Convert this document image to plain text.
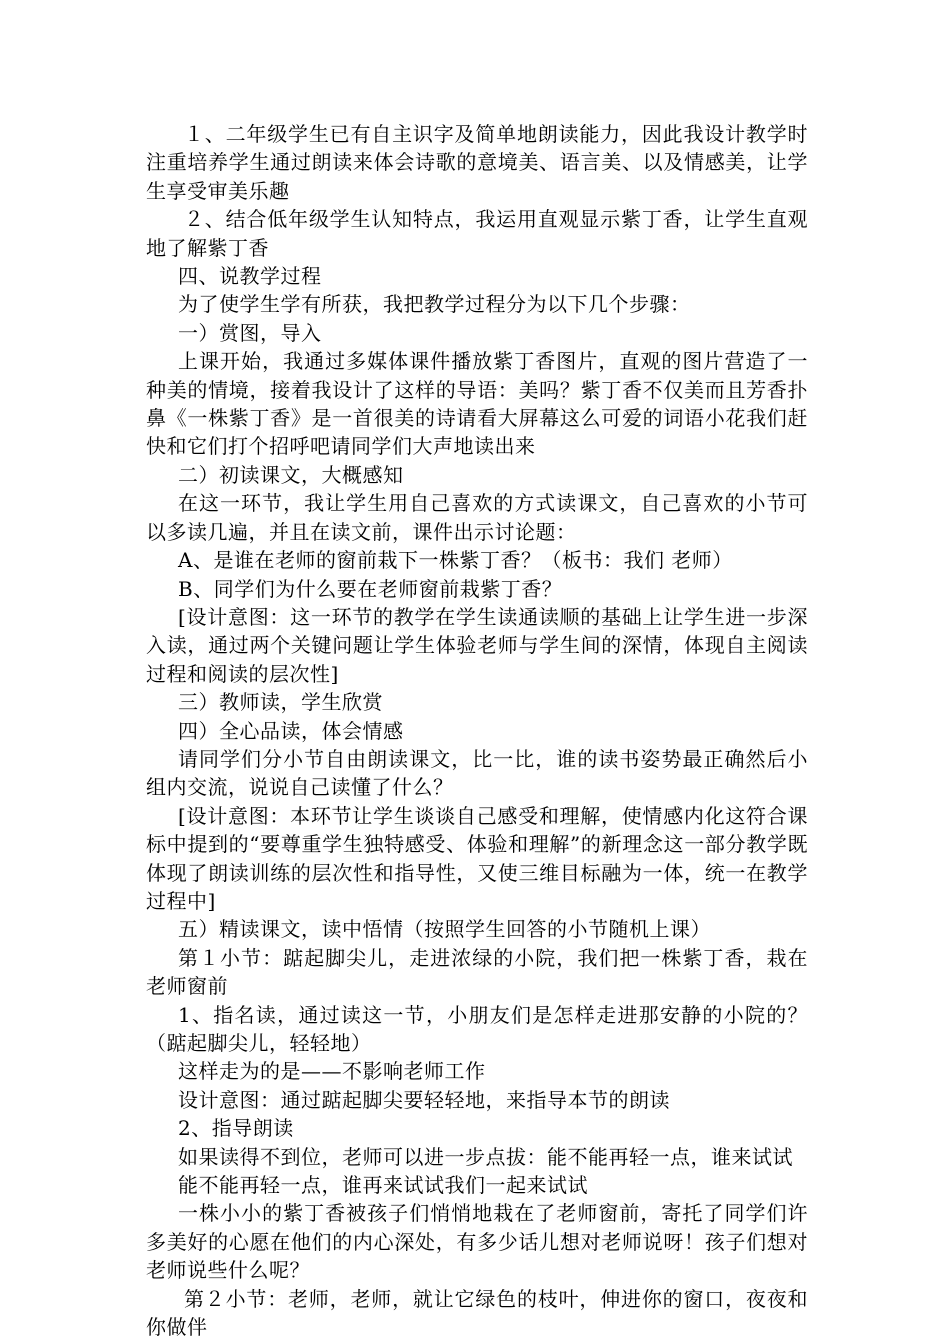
１、二年级学生已有自主识字及简单地朗读能力，因此我设计教学时注重培养学生通过朗读来体会诗歌的意境美、语言美、以及情感美，让学生享受审美乐趣

２、结合低年级学生认知特点，我运用直观显示紫丁香，让学生直观地了解紫丁香

四、说教学过程

为了使学生学有所获，我把教学过程分为以下几个步骤：

一）赏图，导入

上课开始，我通过多媒体课件播放紫丁香图片，直观的图片营造了一种美的情境，接着我设计了这样的导语：美吗？紫丁香不仅美而且芳香扑鼻《一株紫丁香》是一首很美的诗请看大屏幕这么可爱的词语小花我们赶快和它们打个招呼吧请同学们大声地读出来

二）初读课文，大概感知

在这一环节，我让学生用自己喜欢的方式读课文，自己喜欢的小节可以多读几遍，并且在读文前，课件出示讨论题：

A、是谁在老师的窗前栽下一株紫丁香？（板书：我们 老师）

B、同学们为什么要在老师窗前栽紫丁香？

[设计意图：这一环节的教学在学生读通读顺的基础上让学生进一步深入读，通过两个关键问题让学生体验老师与学生间的深情，体现自主阅读过程和阅读的层次性]

三）教师读，学生欣赏

四）全心品读，体会情感

请同学们分小节自由朗读课文，比一比，谁的读书姿势最正确然后小组内交流，说说自己读懂了什么？

[设计意图：本环节让学生谈谈自己感受和理解，使情感内化这符合课标中提到的“要尊重学生独特感受、体验和理解”的新理念这一部分教学既体现了朗读训练的层次性和指导性，又使三维目标融为一体，统一在教学过程中]

五）精读课文，读中悟情（按照学生回答的小节随机上课）

第１小节：踮起脚尖儿，走进浓绿的小院，我们把一株紫丁香，栽在老师窗前

1、指名读，通过读这一节，小朋友们是怎样走进那安静的小院的？（踮起脚尖儿，轻轻地）

这样走为的是——不影响老师工作

设计意图：通过踮起脚尖要轻轻地，来指导本节的朗读

2、指导朗读

如果读得不到位，老师可以进一步点拔：能不能再轻一点，谁来试试

能不能再轻一点，谁再来试试我们一起来试试

一株小小的紫丁香被孩子们悄悄地栽在了老师窗前，寄托了同学们许多美好的心愿在他们的内心深处，有多少话儿想对老师说呀！孩子们想对老师说些什么呢？

第２小节：老师，老师，就让它绿色的枝叶，伸进你的窗口，夜夜和你做伴
